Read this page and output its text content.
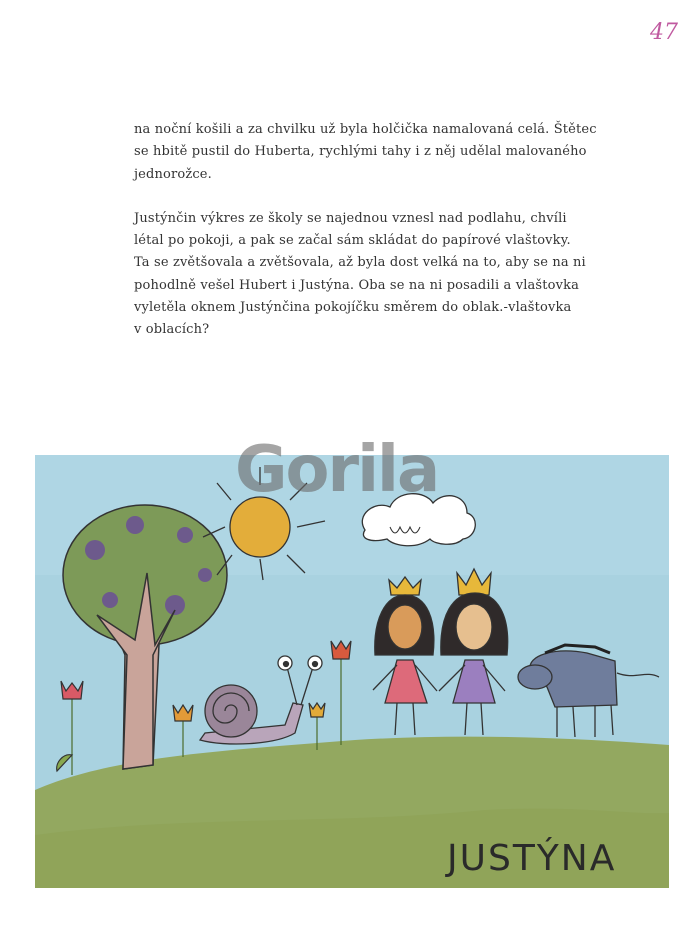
47

na noční košili a za chvilku už byla holčička namalovaná celá. Štětec
se hbitě pustil do Huberta, rychlými tahy i z něj udělal malovaného
jednorožce.

Justýnčin výkres ze školy se najednou vznesl nad podlahu, chvíli
létal po pokoji, a pak se začal sám skládat do papírové vlaštovky.
Ta se zvětšovala a zvětšovala, až byla dost velká na to, aby se na ni
pohodlně vešel Hubert i Justýna. Oba se na ni posadili a vlaštovka
vyletěla oknem Justýnčina pokojíčku směrem do oblak.-vlaštovka
v oblacích?

JUSTÝNA
Gorila
